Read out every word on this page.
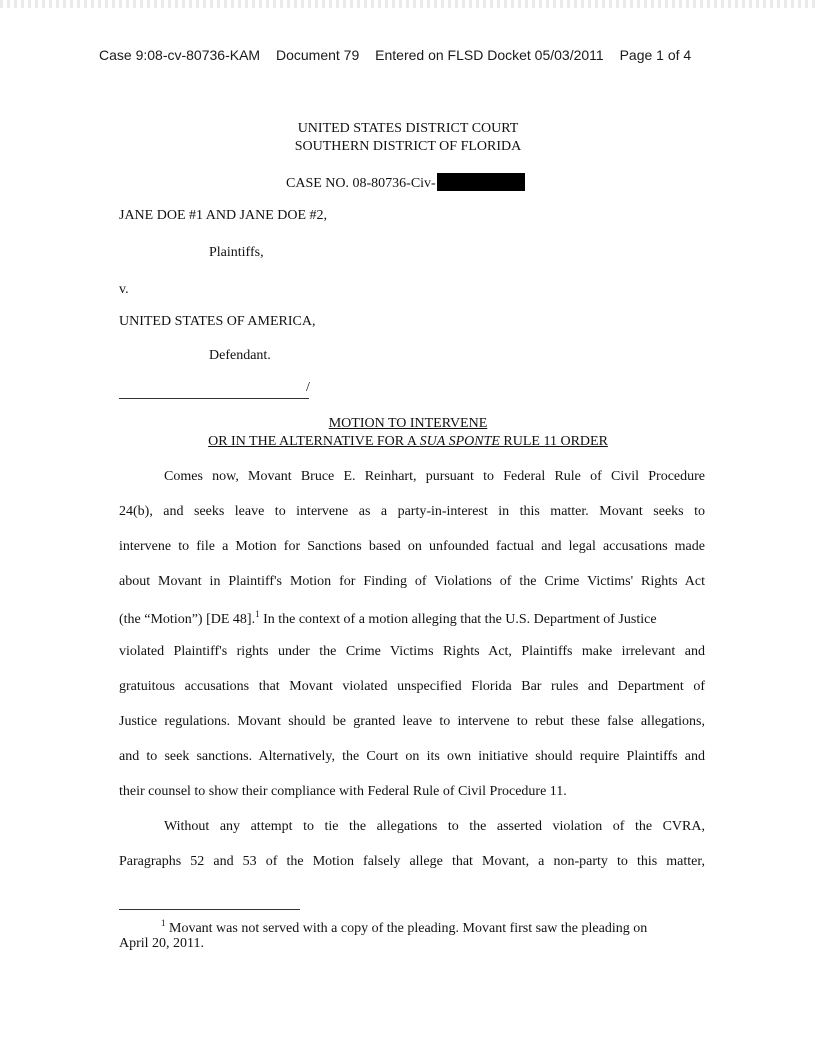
Case 9:08-cv-80736-KAM Document 79 Entered on FLSD Docket 05/03/2011 Page 1 of 4
UNITED STATES DISTRICT COURT
SOUTHERN DISTRICT OF FLORIDA
CASE NO. 08-80736-Civ-
JANE DOE #1 AND JANE DOE #2,
Plaintiffs,
v.
UNITED STATES OF AMERICA,
Defendant.
/
MOTION TO INTERVENE
OR IN THE ALTERNATIVE FOR A SUA SPONTE RULE 11 ORDER
Comes now, Movant Bruce E. Reinhart, pursuant to Federal Rule of Civil Procedure
24(b), and seeks leave to intervene as a party-in-interest in this matter. Movant seeks to
intervene to file a Motion for Sanctions based on unfounded factual and legal accusations made
about Movant in Plaintiff's Motion for Finding of Violations of the Crime Victims' Rights Act
(the “Motion”) [DE 48].$^1$ In the context of a motion alleging that the U.S. Department of Justice
violated Plaintiff's rights under the Crime Victims Rights Act, Plaintiffs make irrelevant and
gratuitous accusations that Movant violated unspecified Florida Bar rules and Department of
Justice regulations. Movant should be granted leave to intervene to rebut these false allegations,
and to seek sanctions. Alternatively, the Court on its own initiative should require Plaintiffs and
their counsel to show their compliance with Federal Rule of Civil Procedure 11.
Without any attempt to tie the allegations to the asserted violation of the CVRA,
Paragraphs 52 and 53 of the Motion falsely allege that Movant, a non-party to this matter,
$^1$ Movant was not served with a copy of the pleading. Movant first saw the pleading on
April 20, 2011.
